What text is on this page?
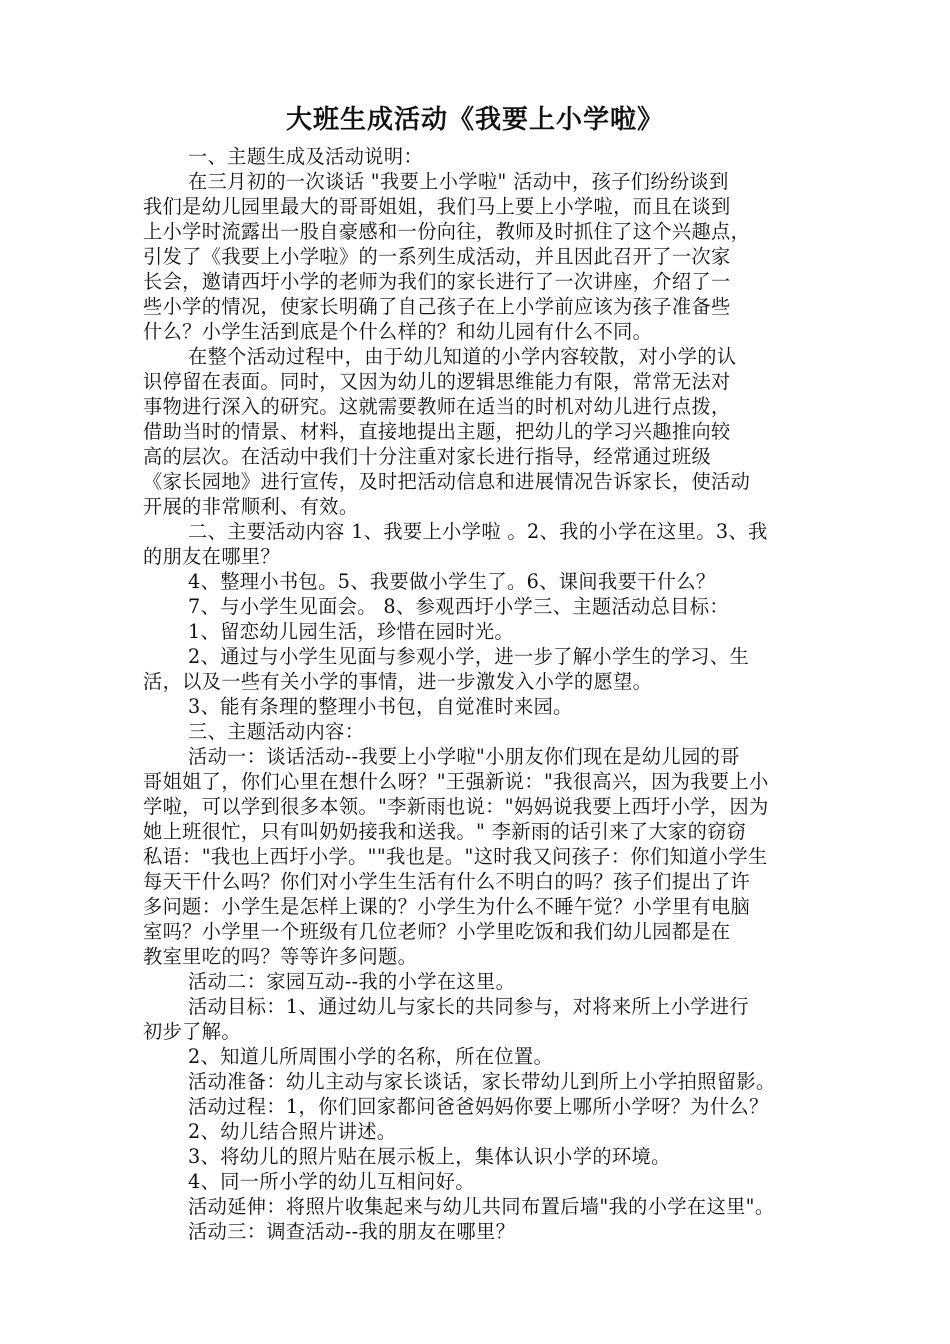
大班生成活动《我要上小学啦》
一、主题生成及活动说明：
在三月初的一次谈话 "我要上小学啦" 活动中，孩子们纷纷谈到
我们是幼儿园里最大的哥哥姐姐，我们马上要上小学啦，而且在谈到
上小学时流露出一股自豪感和一份向往，教师及时抓住了这个兴趣点，
引发了《我要上小学啦》的一系列生成活动，并且因此召开了一次家
长会，邀请西圩小学的老师为我们的家长进行了一次讲座，介绍了一
些小学的情况，使家长明确了自己孩子在上小学前应该为孩子准备些
什么？小学生活到底是个什么样的？和幼儿园有什么不同。
在整个活动过程中，由于幼儿知道的小学内容较散，对小学的认
识停留在表面。同时，又因为幼儿的逻辑思维能力有限，常常无法对
事物进行深入的研究。这就需要教师在适当的时机对幼儿进行点拨，
借助当时的情景、材料，直接地提出主题，把幼儿的学习兴趣推向较
高的层次。在活动中我们十分注重对家长进行指导，经常通过班级
《家长园地》进行宣传，及时把活动信息和进展情况告诉家长，使活动
开展的非常顺利、有效。
二、主要活动内容 1、我要上小学啦 。2、我的小学在这里。3、我
的朋友在哪里？
4、整理小书包。5、我要做小学生了。6、课间我要干什么？
7、与小学生见面会。 8、参观西圩小学三、主题活动总目标：
1、留恋幼儿园生活，珍惜在园时光。
2、通过与小学生见面与参观小学，进一步了解小学生的学习、生
活，以及一些有关小学的事情，进一步激发入小学的愿望。
3、能有条理的整理小书包，自觉准时来园。
三、主题活动内容：
活动一：谈话活动--我要上小学啦"小朋友你们现在是幼儿园的哥
哥姐姐了，你们心里在想什么呀？"王强新说："我很高兴，因为我要上小
学啦，可以学到很多本领。"李新雨也说："妈妈说我要上西圩小学，因为
她上班很忙，只有叫奶奶接我和送我。" 李新雨的话引来了大家的窃窃
私语："我也上西圩小学。""我也是。"这时我又问孩子：你们知道小学生
每天干什么吗？你们对小学生生活有什么不明白的吗？孩子们提出了许
多问题：小学生是怎样上课的？小学生为什么不睡午觉？小学里有电脑
室吗？小学里一个班级有几位老师？小学里吃饭和我们幼儿园都是在
教室里吃的吗？等等许多问题。
活动二：家园互动--我的小学在这里。
活动目标：1、通过幼儿与家长的共同参与，对将来所上小学进行
初步了解。
2、知道儿所周围小学的名称，所在位置。
活动准备：幼儿主动与家长谈话，家长带幼儿到所上小学拍照留影。
活动过程：1，你们回家都问爸爸妈妈你要上哪所小学呀？为什么？
2、幼儿结合照片讲述。
3、将幼儿的照片贴在展示板上，集体认识小学的环境。
4、同一所小学的幼儿互相问好。
活动延伸：将照片收集起来与幼儿共同布置后墙"我的小学在这里"。
活动三：调查活动--我的朋友在哪里？
